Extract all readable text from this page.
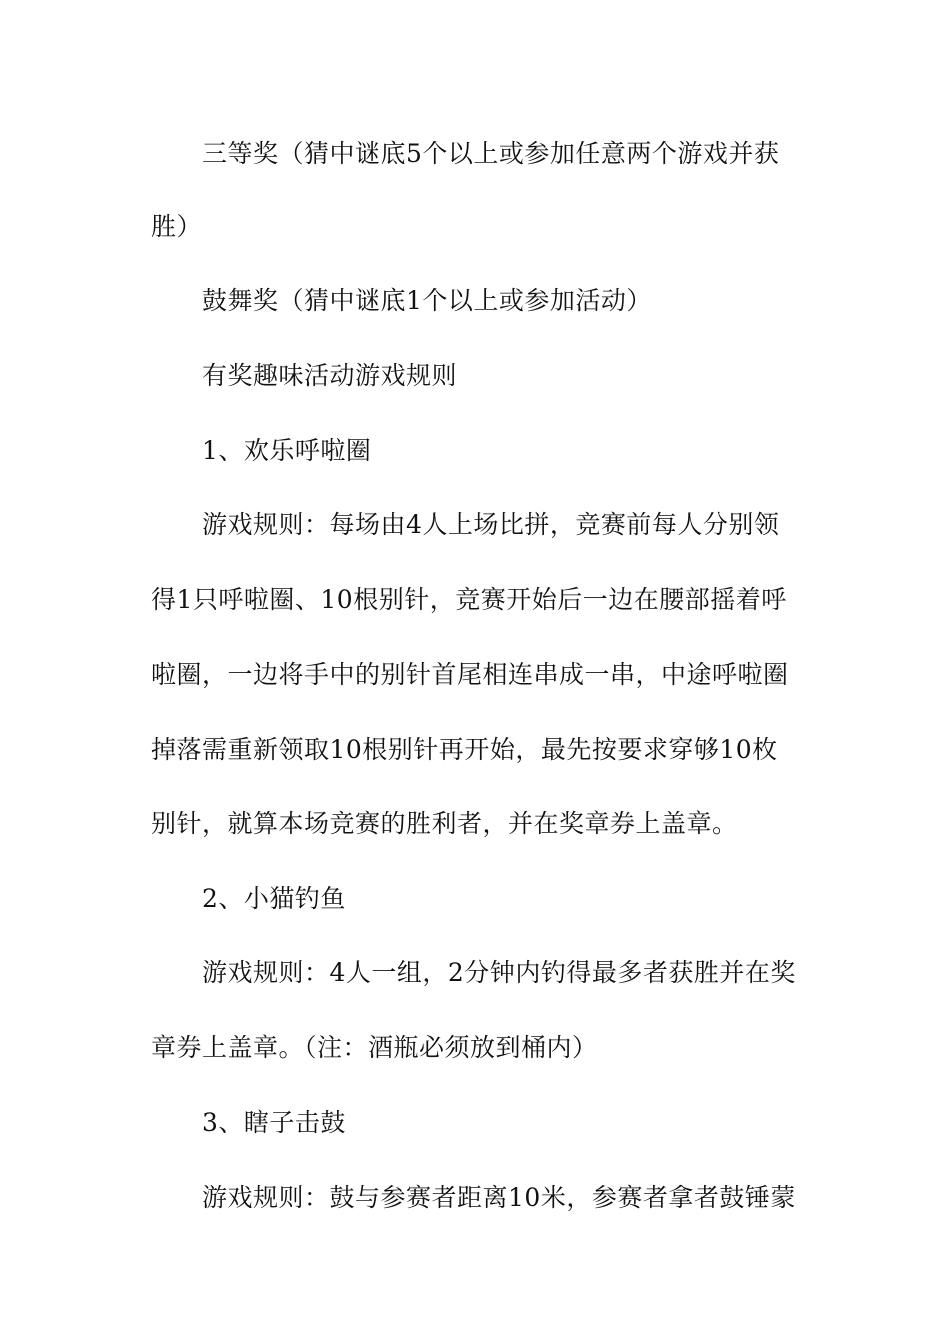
三等奖（猜中谜底5个以上或参加任意两个游戏并获
胜）
鼓舞奖（猜中谜底1个以上或参加活动）
有奖趣味活动游戏规则
1、欢乐呼啦圈
游戏规则：每场由4人上场比拼，竞赛前每人分别领
得1只呼啦圈、10根别针，竞赛开始后一边在腰部摇着呼
啦圈，一边将手中的别针首尾相连串成一串，中途呼啦圈
掉落需重新领取10根别针再开始，最先按要求穿够10枚
别针，就算本场竞赛的胜利者，并在奖章券上盖章。
2、小猫钓鱼
游戏规则：4人一组，2分钟内钓得最多者获胜并在奖
章券上盖章。（注：酒瓶必须放到桶内）
3、瞎子击鼓
游戏规则：鼓与参赛者距离10米，参赛者拿者鼓锤蒙
